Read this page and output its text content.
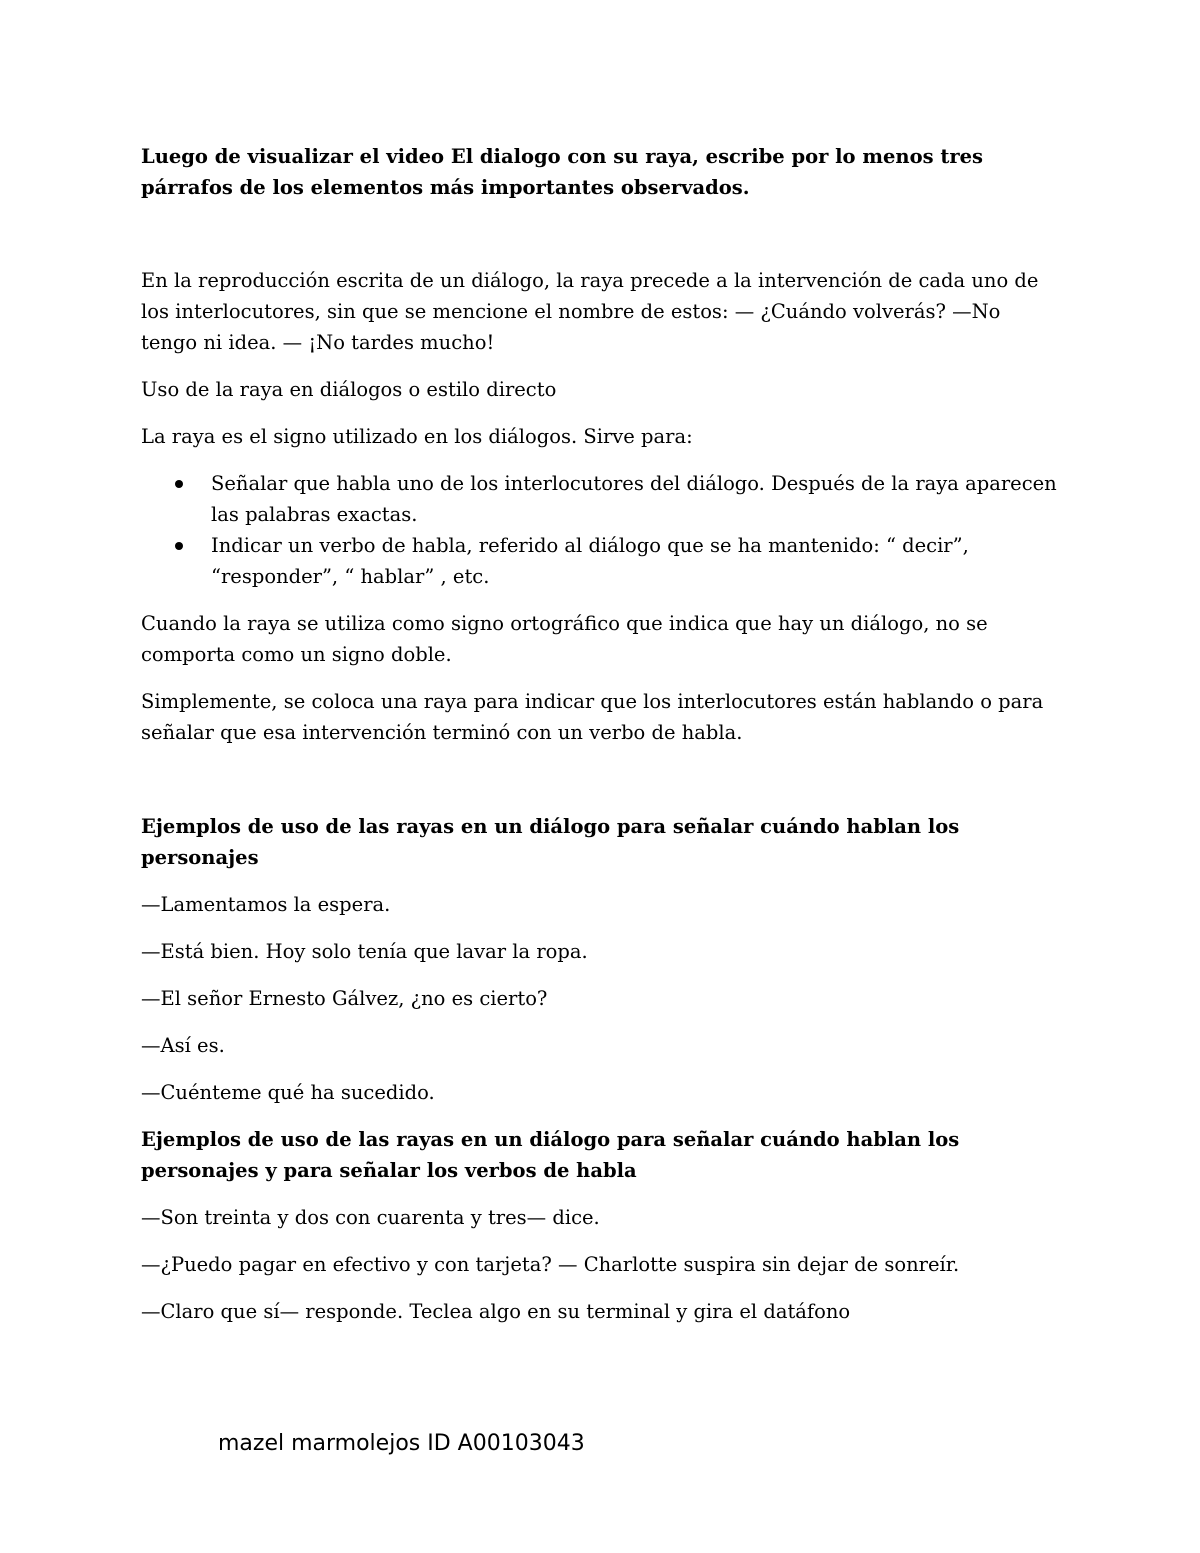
Luego de visualizar el video El dialogo con su raya, escribe por lo menos tres párrafos de los elementos más importantes observados.

En la reproducción escrita de un diálogo, la raya precede a la intervención de cada uno de los interlocutores, sin que se mencione el nombre de estos: — ¿Cuándo volverás? —No tengo ni idea. — ¡No tardes mucho!

Uso de la raya en diálogos o estilo directo

La raya es el signo utilizado en los diálogos. Sirve para:

Señalar que habla uno de los interlocutores del diálogo. Después de la raya aparecen las palabras exactas.
Indicar un verbo de habla, referido al diálogo que se ha mantenido: “ decir”, “responder”, “ hablar” , etc.

Cuando la raya se utiliza como signo ortográfico que indica que hay un diálogo, no se comporta como un signo doble.

Simplemente, se coloca una raya para indicar que los interlocutores están hablando o para señalar que esa intervención terminó con un verbo de habla.

Ejemplos de uso de las rayas en un diálogo para señalar cuándo hablan los personajes

—Lamentamos la espera.

—Está bien. Hoy solo tenía que lavar la ropa.

—El señor Ernesto Gálvez, ¿no es cierto?

—Así es.

—Cuénteme qué ha sucedido.

Ejemplos de uso de las rayas en un diálogo para señalar cuándo hablan los personajes y para señalar los verbos de habla

—Son treinta y dos con cuarenta y tres— dice.

—¿Puedo pagar en efectivo y con tarjeta? — Charlotte suspira sin dejar de sonreír.

—Claro que sí— responde. Teclea algo en su terminal y gira el datáfono

mazel marmolejos ID A00103043
